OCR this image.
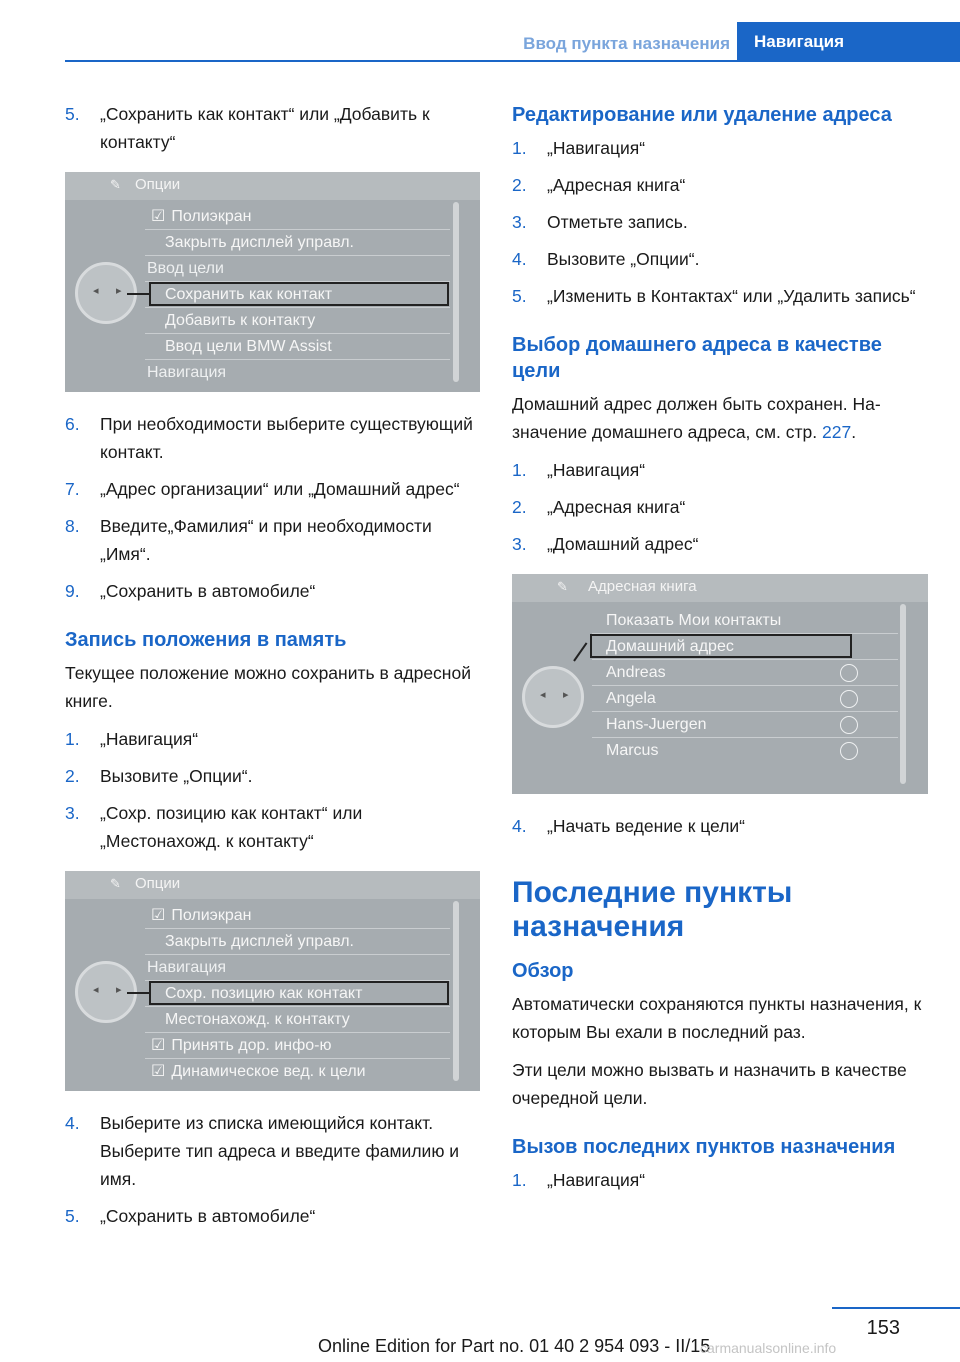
Ввод пункта назначения	Навигация
5.	„Сохранить как контакт“ или „Добавить к контакту“
✎ Опции
☑ Полиэкран
Закрыть дисплей управл.
Ввод цели
Сохранить как контакт
Добавить к контакту
Ввод цели BMW Assist
Навигация
◂ ▸
6.	При необходимости выберите существующий контакт.
7.	„Адрес организации“ или „Домашний адрес“
8.	Введите„Фамилия“ и при необходимости „Имя“.
9.	„Сохранить в автомобиле“
Запись положения в память
Текущее положение можно сохранить в адресной книге.
1.	„Навигация“
2.	Вызовите „Опции“.
3.	„Сохр. позицию как контакт“ или „Местонахожд. к контакту“
✎ Опции
☑ Полиэкран
Закрыть дисплей управл.
Навигация
Сохр. позицию как контакт
Местонахожд. к контакту
☑ Принять дор. инфо-ю
☑ Динамическое вед. к цели
◂ ▸
4.	Выберите из списка имеющийся контакт. Выберите тип адреса и введите фамилию и имя.
5.	„Сохранить в автомобиле“
Редактирование или удаление адреса
1.	„Навигация“
2.	„Адресная книга“
3.	Отметьте запись.
4.	Вызовите „Опции“.
5.	„Изменить в Контактах“ или „Удалить запись“
Выбор домашнего адреса в качестве цели
Домашний адрес должен быть сохранен. Назначение домашнего адреса, см. стр. 227.
1.	„Навигация“
2.	„Адресная книга“
3.	„Домашний адрес“
✎	Адресная книга
Показать Мои контакты
Домашний адрес
Andreas
Angela
Hans-Juergen
Marcus
◂ ▸
4.	„Начать ведение к цели“
Последние пункты назначения
Обзор
Автоматически сохраняются пункты назначения, к которым Вы ехали в последний раз.
Эти цели можно вызвать и назначить в качестве очередной цели.
Вызов последних пунктов назначения
1.	„Навигация“
153
Online Edition for Part no. 01 40 2 954 093 - II/15
carmanualsonline.info
